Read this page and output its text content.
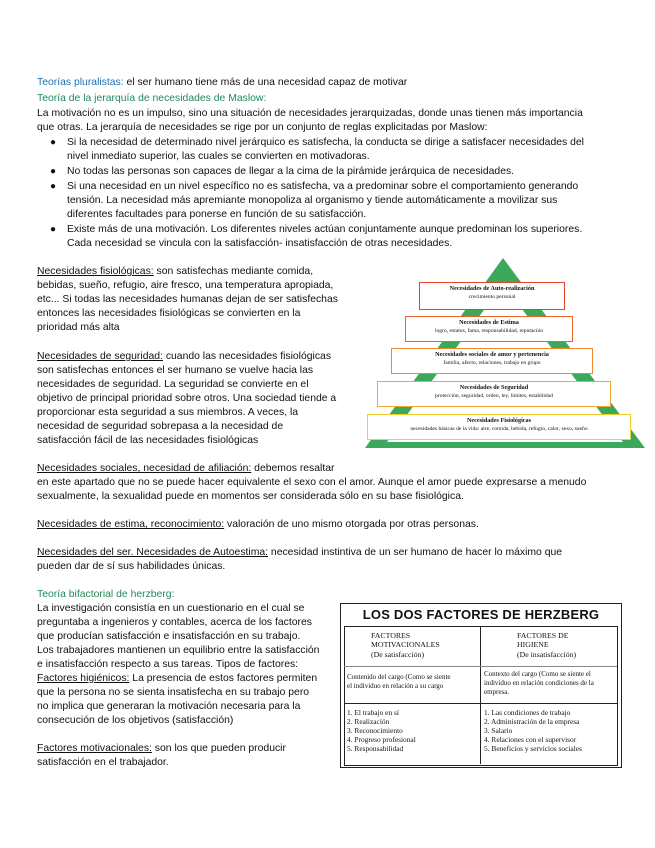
Teorías pluralistas: el ser humano tiene más de una necesidad capaz de motivar
Teoría de la jerarquía de necesidades de Maslow:
La motivación no es un impulso, sino una situación de necesidades jerarquizadas, donde unas tienen más importancia
que otras. La jerarquía de necesidades se rige por un conjunto de reglas explicitadas por Maslow:
● Si la necesidad de determinado nivel jerárquico es satisfecha, la conducta se dirige a satisfacer necesidades del
nivel inmediato superior, las cuales se convierten en motivadoras.
● No todas las personas son capaces de llegar a la cima de la pirámide jerárquica de necesidades.
● Si una necesidad en un nivel específico no es satisfecha, va a predominar sobre el comportamiento generando
tensión. La necesidad más apremiante monopoliza al organismo y tiende automáticamente a movilizar sus
diferentes facultades para ponerse en función de su satisfacción.
● Existe más de una motivación. Los diferentes niveles actúan conjuntamente aunque predominan los superiores.
Cada necesidad se vincula con la satisfacción- insatisfacción de otras necesidades.
Necesidades fisiológicas: son satisfechas mediante comida,
bebidas, sueño, refugio, aire fresco, una temperatura apropiada,
etc... Si todas las necesidades humanas dejan de ser satisfechas
entonces las necesidades fisiológicas se convierten en la
prioridad más alta
Necesidades de seguridad: cuando las necesidades fisiológicas
son satisfechas entonces el ser humano se vuelve hacia las
necesidades de seguridad. La seguridad se convierte en el
objetivo de principal prioridad sobre otros. Una sociedad tiende a
proporcionar esta seguridad a sus miembros. A veces, la
necesidad de seguridad sobrepasa a la necesidad de
satisfacción fácil de las necesidades fisiológicas
Necesidades sociales, necesidad de afiliación: debemos resaltar
en este apartado que no se puede hacer equivalente el sexo con el amor. Aunque el amor puede expresarse a menudo
sexualmente, la sexualidad puede en momentos ser considerada sólo en su base fisiológica.
Necesidades de estima, reconocimiento: valoración de uno mismo otorgada por otras personas.
Necesidades del ser. Necesidades de Autoestima: necesidad instintiva de un ser humano de hacer lo máximo que
pueden dar de sí sus habilidades únicas.
Necesidades de Auto-realización
crecimiento personal
Necesidades de Estima
logro, estatus, fama, responsabilidad, reputación
Necesidades sociales de amor y pertenencia
familia, afecto, relaciones, trabajo en grupo
Necesidades de Seguridad
protección, seguridad, orden, ley, límites, estabilidad
Necesidades Fisiológicas
necesidades básicas de la vida: aire, comida, bebida, refugio, calor, sexo, sueño
Teoría bifactorial de herzberg:
La investigación consistía en un cuestionario en el cual se
preguntaba a ingenieros y contables, acerca de los factores
que producían satisfacción e insatisfacción en su trabajo.
Los trabajadores mantienen un equilibrio entre la satisfacción
e insatisfacción respecto a sus tareas. Tipos de factores:
Factores higiénicos: La presencia de estos factores permiten
que la persona no se sienta insatisfecha en su trabajo pero
no implica que generaran la motivación necesaria para la
consecución de los objetivos (satisfacción)
Factores motivacionales: son los que pueden producir
satisfacción en el trabajador.
LOS DOS FACTORES DE HERZBERG
FACTORES
MOTIVACIONALES
(De satisfacción)
Contenido del cargo (Como se siente
el individuo en relación a su cargo
1. El trabajo en sí
2. Realización
3. Reconocimiento
4. Progreso profesional
5. Responsabilidad
FACTORES DE
HIGIENE
(De insatisfacción)
Contexto del cargo (Como se siente el
individuo en relación condiciones de la
empresa.
1. Las condiciones de trabajo
2. Administración de la empresa
3. Salario
4. Relaciones con el supervisor
5. Beneficios y servicios sociales
